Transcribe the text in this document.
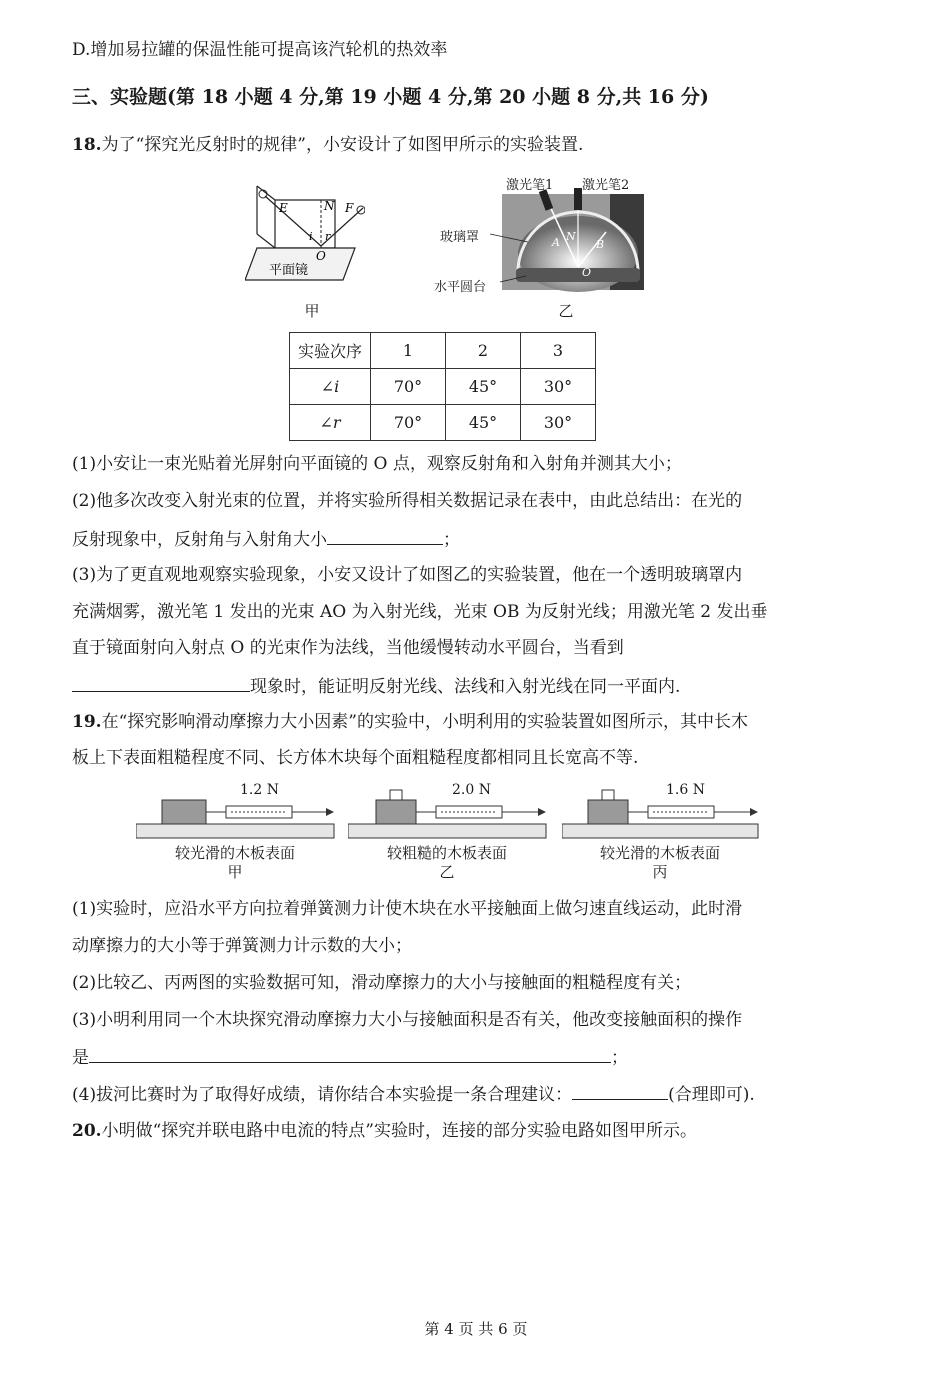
D.增加易拉罐的保温性能可提高该汽轮机的热效率
三、实验题(第 18 小题 4 分,第 19 小题 4 分,第 20 小题 8 分,共 16 分)
18.为了“探究光反射时的规律”，小安设计了如图甲所示的实验装置.
E	N F
i r
O
平面镜
甲
A N
B
O
激光笔1 激光笔2
玻璃罩
水平圆台
乙
实验次序	1	2	3
∠i	70°	45°	30°
∠r	70°	45°	30°
(1)小安让一束光贴着光屏射向平面镜的 O 点，观察反射角和入射角并测其大小；
(2)他多次改变入射光束的位置，并将实验所得相关数据记录在表中，由此总结出：在光的
反射现象中，反射角与入射角大小	；
(3)为了更直观地观察实验现象，小安又设计了如图乙的实验装置，他在一个透明玻璃罩内
充满烟雾，激光笔 1 发出的光束 AO 为入射光线，光束 OB 为反射光线；用激光笔 2 发出垂
直于镜面射向入射点 O 的光束作为法线，当他缓慢转动水平圆台，当看到
现象时，能证明反射光线、法线和入射光线在同一平面内.
19.在“探究影响滑动摩擦力大小因素”的实验中，小明利用的实验装置如图所示，其中长木
板上下表面粗糙程度不同、长方体木块每个面粗糙程度都相同且长宽高不等.
1.2 N
较光滑的木板表面
甲
2.0 N
较粗糙的木板表面
乙
1.6 N
较光滑的木板表面
丙
(1)实验时，应沿水平方向拉着弹簧测力计使木块在水平接触面上做匀速直线运动，此时滑
动摩擦力的大小等于弹簧测力计示数的大小；
(2)比较乙、丙两图的实验数据可知，滑动摩擦力的大小与接触面的粗糙程度有关；
(3)小明利用同一个木块探究滑动摩擦力大小与接触面积是否有关，他改变接触面积的操作
是	；
(4)拔河比赛时为了取得好成绩，请你结合本实验提一条合理建议：	(合理即可).
20.小明做“探究并联电路中电流的特点”实验时，连接的部分实验电路如图甲所示。
第 4 页 共 6 页
